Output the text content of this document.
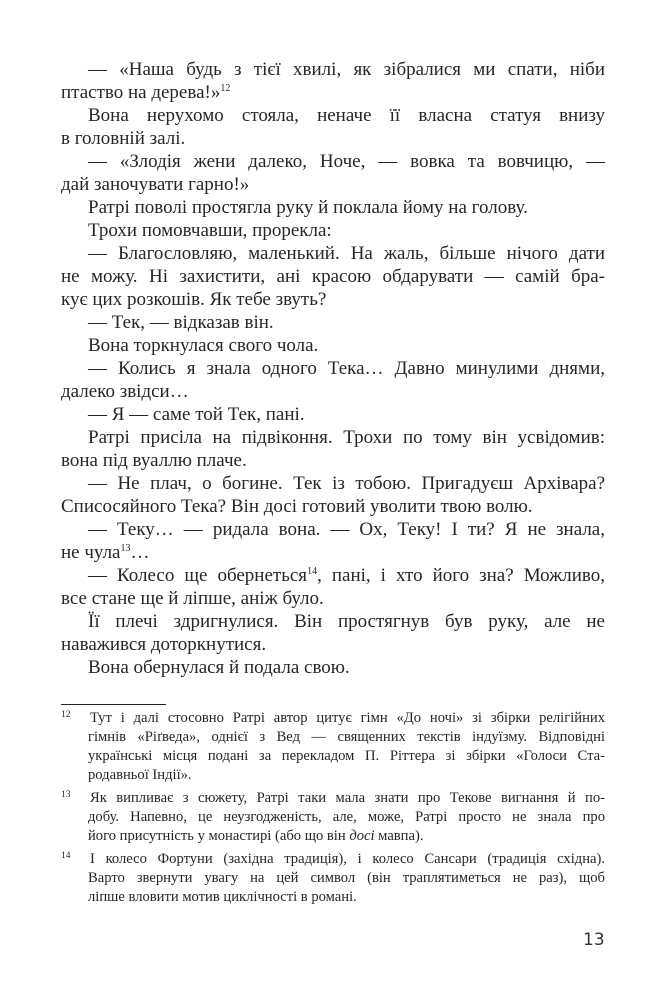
— «Наша будь з тієї хвилі, як зібралися ми спати, ніби
птаство на дерева!»$^{12}$
Вона нерухомо стояла, неначе її власна статуя внизу
в головній залі.
— «Злодія жени далеко, Ноче, — вовка та вовчицю, —
дай заночувати гарно!»
Ратрі поволі простягла руку й поклала йому на голову.
Трохи помовчавши, прорекла:
— Благословляю, маленький. На жаль, більше нічого дати
не можу. Ні захистити, ані красою обдарувати — самій бра-
кує цих розкошів. Як тебе звуть?
— Тек, — відказав він.
Вона торкнулася свого чола.
— Колись я знала одного Тека… Давно минулими днями,
далеко звідси…
— Я — саме той Тек, пані.
Ратрі присіла на підвіконня. Трохи по тому він усвідомив:
вона під вуаллю плаче.
— Не плач, о богине. Тек із тобою. Пригадуєш Архівара?
Списосяйного Тека? Він досі готовий уволити твою волю.
— Теку… — ридала вона. — Ох, Теку! І ти? Я не знала,
не чула$^{13}$…
— Колесо ще обернеться$^{14}$, пані, і хто його зна? Можливо,
все стане ще й ліпше, аніж було.
Її плечі здригнулися. Він простягнув був руку, але не
наважився доторкнутися.
Вона обернулася й подала свою.
12 Тут і далі стосовно Ратрі автор цитує гімн «До ночі» зі збірки релігійних
гімнів «Ріґведа», однієї з Вед — священних текстів індуїзму. Відповідні
українські місця подані за перекладом П. Ріттера зі збірки «Голоси Ста-
родавньої Індії».
13 Як випливає з сюжету, Ратрі таки мала знати про Текове вигнання й по-
добу. Напевно, це неузгодженість, але, може, Ратрі просто не знала про
його присутність у монастирі (або що він досі мавпа).
14 І колесо Фортуни (західна традиція), і колесо Сансари (традиція східна).
Варто звернути увагу на цей символ (він траплятиметься не раз), щоб
ліпше вловити мотив циклічності в романі.
13
